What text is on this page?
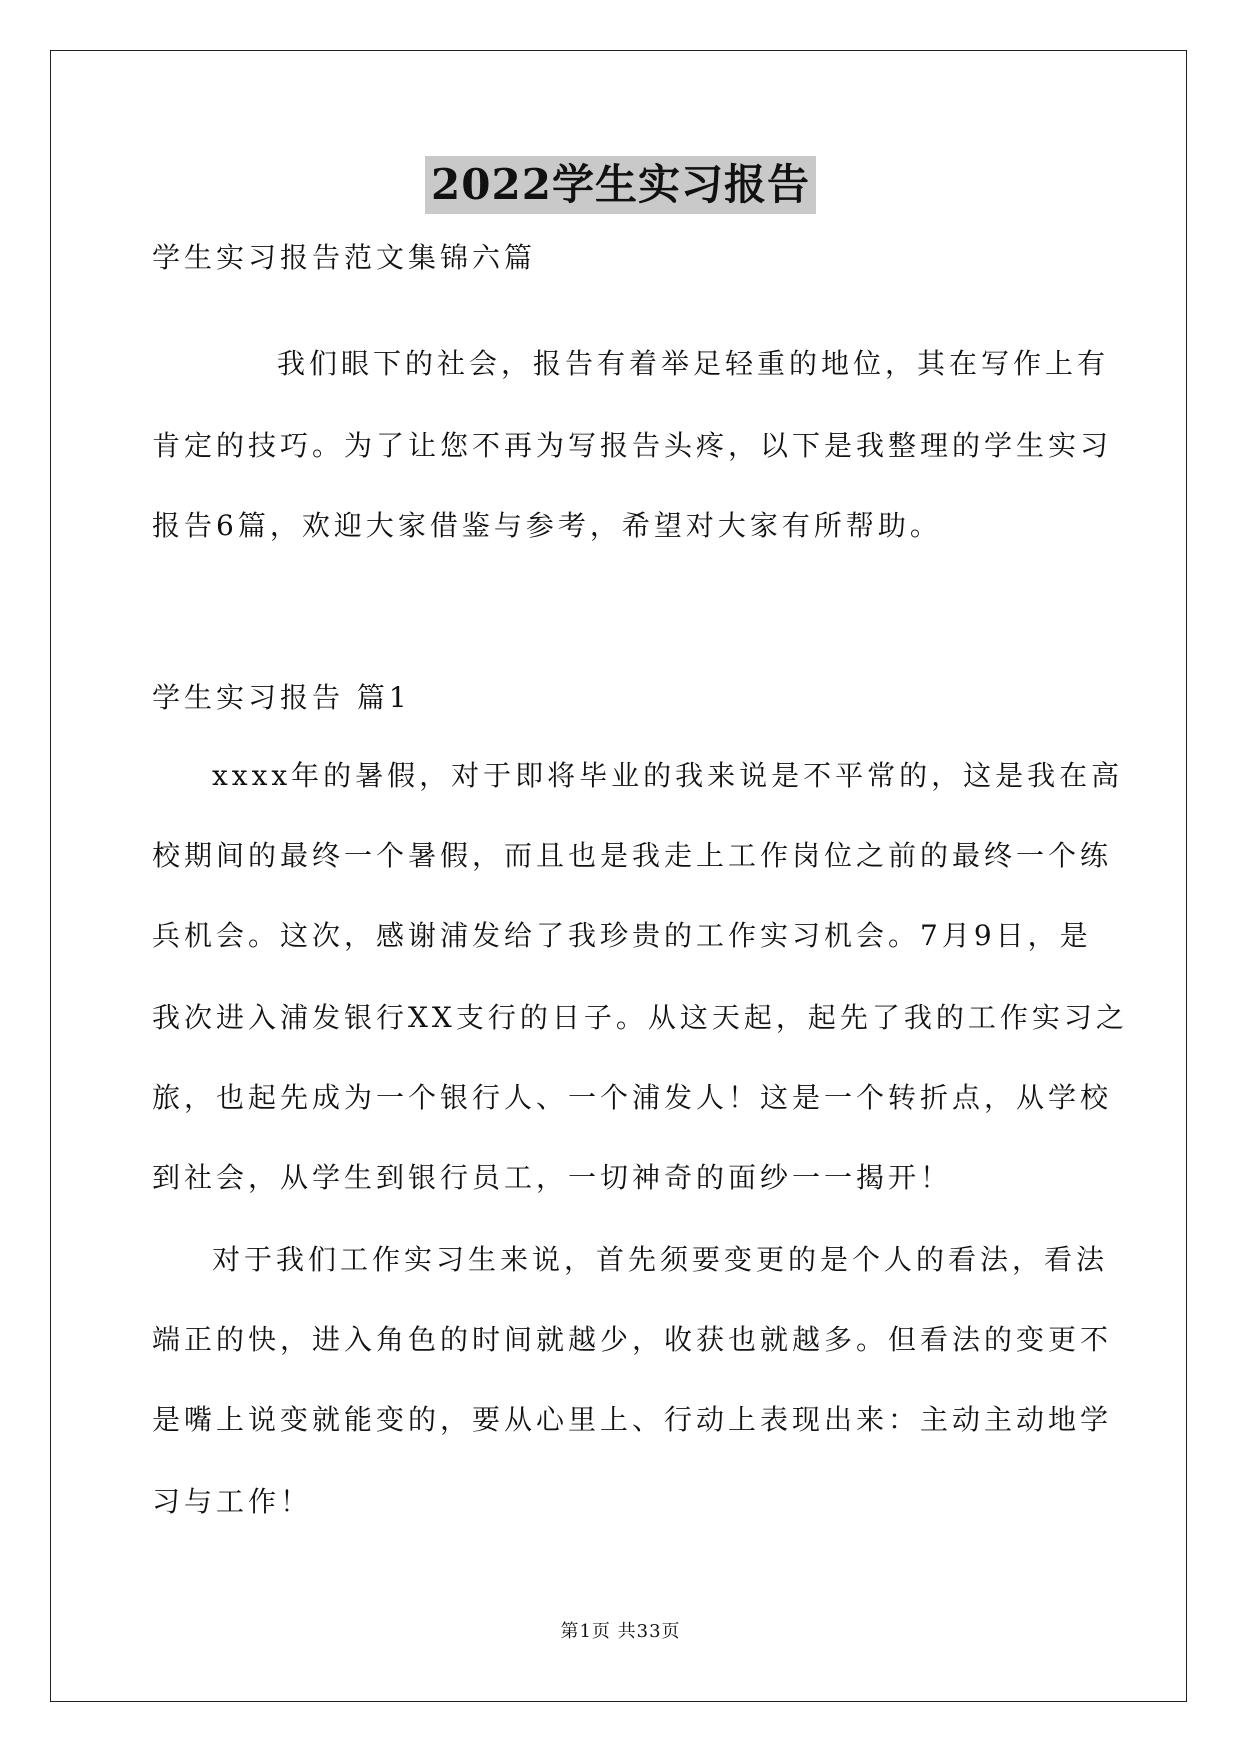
2022学生实习报告
学生实习报告范文集锦六篇
我们眼下的社会，报告有着举足轻重的地位，其在写作上有
肯定的技巧。为了让您不再为写报告头疼，以下是我整理的学生实习
报告6篇，欢迎大家借鉴与参考，希望对大家有所帮助。
学生实习报告 篇1
xxxx年的暑假，对于即将毕业的我来说是不平常的，这是我在高
校期间的最终一个暑假，而且也是我走上工作岗位之前的最终一个练
兵机会。这次，感谢浦发给了我珍贵的工作实习机会。7月9日，是
我次进入浦发银行XX支行的日子。从这天起，起先了我的工作实习之
旅，也起先成为一个银行人、一个浦发人！这是一个转折点，从学校
到社会，从学生到银行员工，一切神奇的面纱一一揭开！
对于我们工作实习生来说，首先须要变更的是个人的看法，看法
端正的快，进入角色的时间就越少，收获也就越多。但看法的变更不
是嘴上说变就能变的，要从心里上、行动上表现出来：主动主动地学
习与工作！
第1页 共33页
